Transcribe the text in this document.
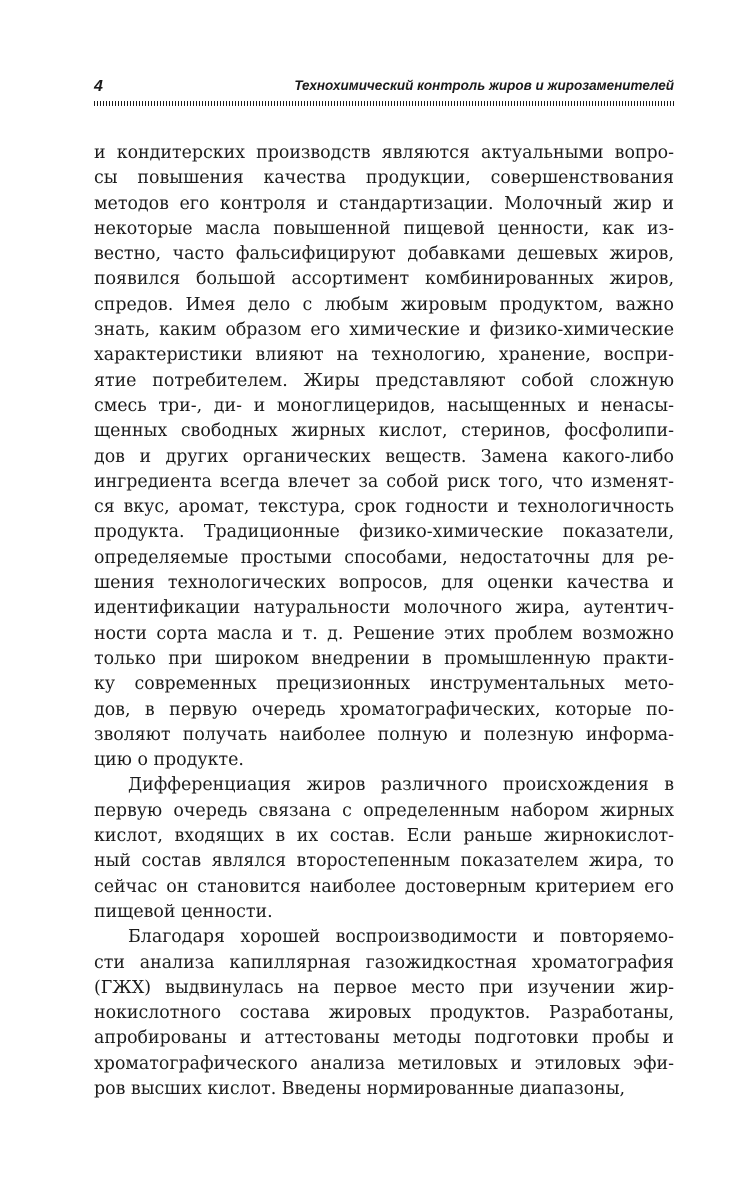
4	Технохимический контроль жиров и жирозаменителей
и кондитерских производств являются актуальными вопро-
сы повышения качества продукции, совершенствования
методов его контроля и стандартизации. Молочный жир и
некоторые масла повышенной пищевой ценности, как из-
вестно, часто фальсифицируют добавками дешевых жиров,
появился большой ассортимент комбинированных жиров,
спредов. Имея дело с любым жировым продуктом, важно
знать, каким образом его химические и физико-химические
характеристики влияют на технологию, хранение, воспри-
ятие потребителем. Жиры представляют собой сложную
смесь три-, ди- и моноглицеридов, насыщенных и ненасы-
щенных свободных жирных кислот, стеринов, фосфолипи-
дов и других органических веществ. Замена какого-либо
ингредиента всегда влечет за собой риск того, что изменят-
ся вкус, аромат, текстура, срок годности и технологичность
продукта. Традиционные физико-химические показатели,
определяемые простыми способами, недостаточны для ре-
шения технологических вопросов, для оценки качества и
идентификации натуральности молочного жира, аутентич-
ности сорта масла и т. д. Решение этих проблем возможно
только при широком внедрении в промышленную практи-
ку современных прецизионных инструментальных мето-
дов, в первую очередь хроматографических, которые по-
зволяют получать наиболее полную и полезную информа-
цию о продукте.
Дифференциация жиров различного происхождения в
первую очередь связана с определенным набором жирных
кислот, входящих в их состав. Если раньше жирнокислот-
ный состав являлся второстепенным показателем жира, то
сейчас он становится наиболее достоверным критерием его
пищевой ценности.
Благодаря хорошей воспроизводимости и повторяемо-
сти анализа капиллярная газожидкостная хроматография
(ГЖХ) выдвинулась на первое место при изучении жир-
нокислотного состава жировых продуктов. Разработаны,
апробированы и аттестованы методы подготовки пробы и
хроматографического анализа метиловых и этиловых эфи-
ров высших кислот. Введены нормированные диапазоны,
